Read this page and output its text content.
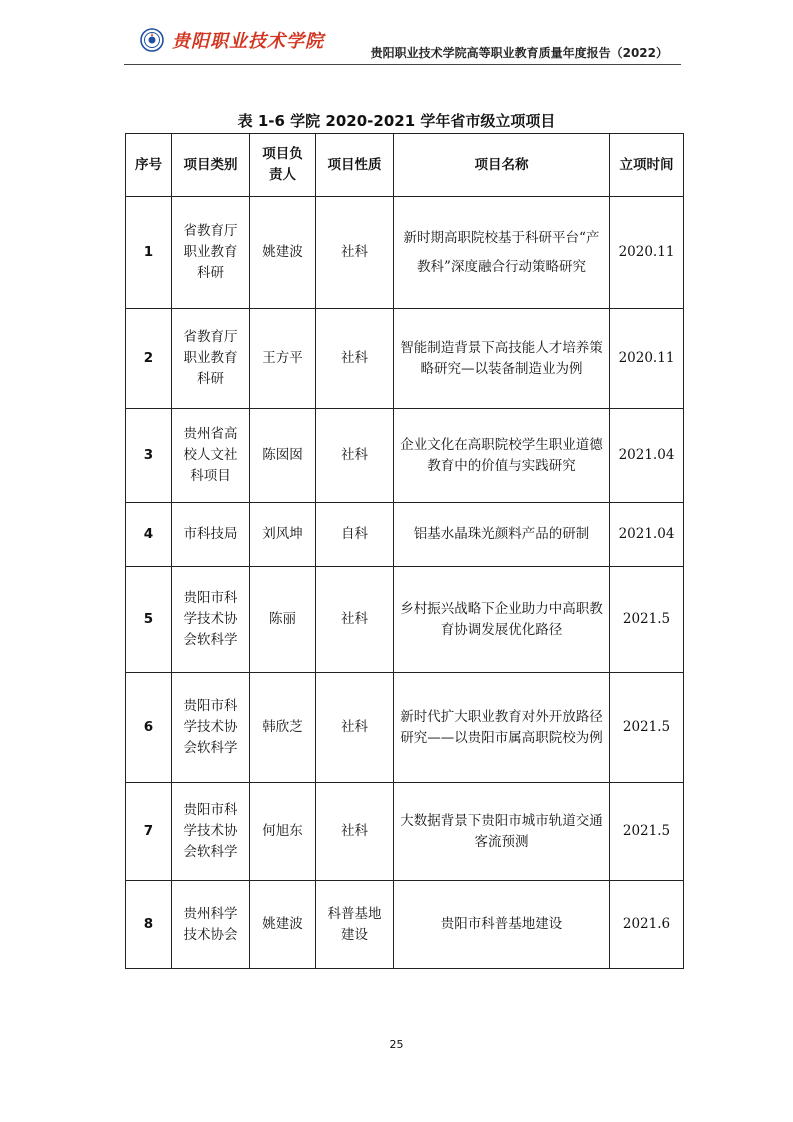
贵阳职业技术学院
贵阳职业技术学院高等职业教育质量年度报告（2022）
表 1-6 学院 2020-2021 学年省市级立项项目
序号	项目类别	项目负责人	项目性质	项目名称	立项时间
1	省教育厅职业教育科研	姚建波	社科	新时期高职院校基于科研平台“产教科”深度融合行动策略研究	2020.11
2	省教育厅职业教育科研	王方平	社科	智能制造背景下高技能人才培养策略研究—以装备制造业为例	2020.11
3	贵州省高校人文社科项目	陈囡囡	社科	企业文化在高职院校学生职业道德教育中的价值与实践研究	2021.04
4	市科技局	刘风坤	自科	铝基水晶珠光颜料产品的研制	2021.04
5	贵阳市科学技术协会软科学	陈丽	社科	乡村振兴战略下企业助力中高职教育协调发展优化路径	2021.5
6	贵阳市科学技术协会软科学	韩欣芝	社科	新时代扩大职业教育对外开放路径研究——以贵阳市属高职院校为例	2021.5
7	贵阳市科学技术协会软科学	何旭东	社科	大数据背景下贵阳市城市轨道交通客流预测	2021.5
8	贵州科学技术协会	姚建波	科普基地建设	贵阳市科普基地建设	2021.6
25
